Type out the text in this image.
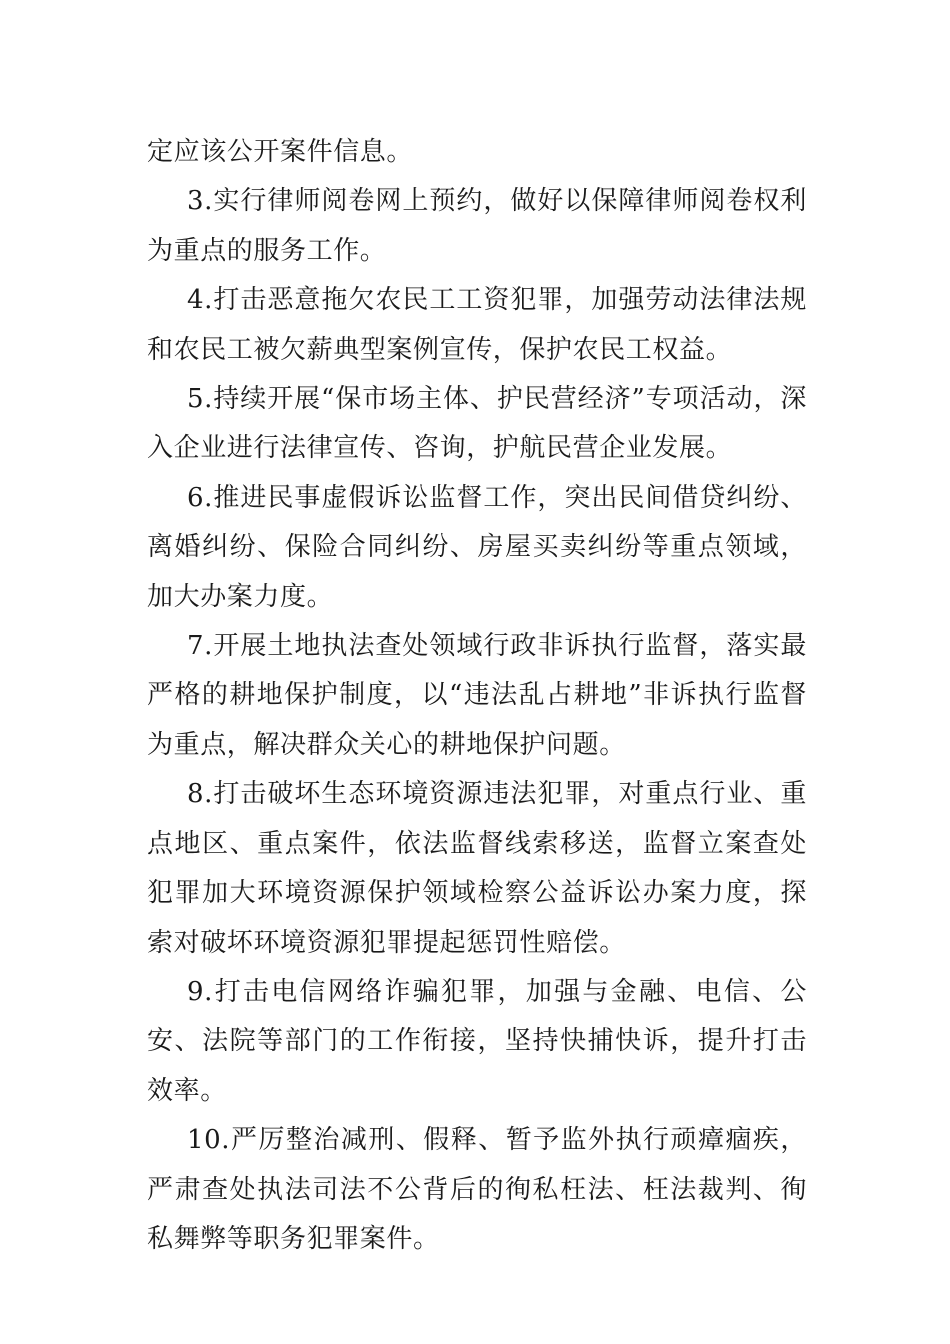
定应该公开案件信息。

3.实行律师阅卷网上预约，做好以保障律师阅卷权利为重点的服务工作。

4.打击恶意拖欠农民工工资犯罪，加强劳动法律法规和农民工被欠薪典型案例宣传，保护农民工权益。

5.持续开展“保市场主体、护民营经济”专项活动，深入企业进行法律宣传、咨询，护航民营企业发展。

6.推进民事虚假诉讼监督工作，突出民间借贷纠纷、离婚纠纷、保险合同纠纷、房屋买卖纠纷等重点领域，加大办案力度。

7.开展土地执法查处领域行政非诉执行监督，落实最严格的耕地保护制度，以“违法乱占耕地”非诉执行监督为重点，解决群众关心的耕地保护问题。

8.打击破坏生态环境资源违法犯罪，对重点行业、重点地区、重点案件，依法监督线索移送，监督立案查处犯罪加大环境资源保护领域检察公益诉讼办案力度，探索对破坏环境资源犯罪提起惩罚性赔偿。

9.打击电信网络诈骗犯罪，加强与金融、电信、公安、法院等部门的工作衔接，坚持快捕快诉，提升打击效率。

10.严厉整治减刑、假释、暂予监外执行顽瘴痼疾，严肃查处执法司法不公背后的徇私枉法、枉法裁判、徇私舞弊等职务犯罪案件。
